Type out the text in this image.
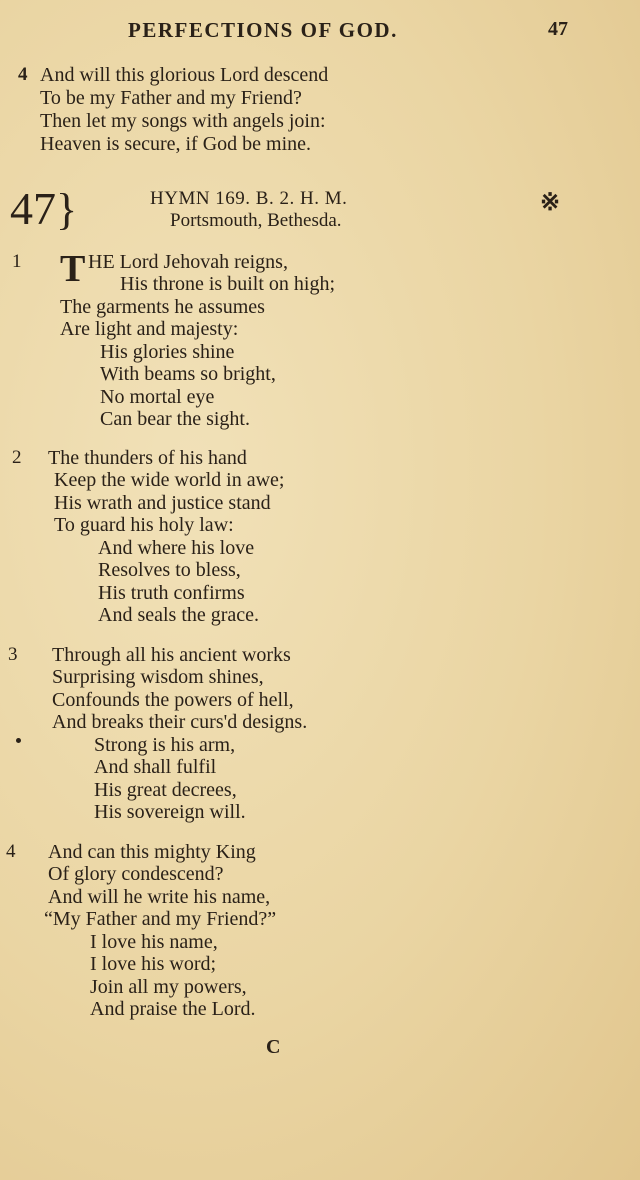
PERFECTIONS OF GOD.	47
4 And will this glorious Lord descend
To be my Father and my Friend?
Then let my songs with angels join:
Heaven is secure, if God be mine.
47}	HYMN 169. B. 2. H. M.
Portsmouth, Bethesda.
※
1 T HE Lord Jehovah reigns,
His throne is built on high;
The garments he assumes
Are light and majesty:
His glories shine
With beams so bright,
No mortal eye
Can bear the sight.
2 The thunders of his hand
Keep the wide world in awe;
His wrath and justice stand
To guard his holy law:
And where his love
Resolves to bless,
His truth confirms
And seals the grace.
3 Through all his ancient works
Surprising wisdom shines,
Confounds the powers of hell,
And breaks their curs'd designs.
Strong is his arm,
And shall fulfil
His great decrees,
His sovereign will.
4 And can this mighty King
Of glory condescend?
And will he write his name,
“My Father and my Friend?”
I love his name,
I love his word;
Join all my powers,
And praise the Lord.
C
